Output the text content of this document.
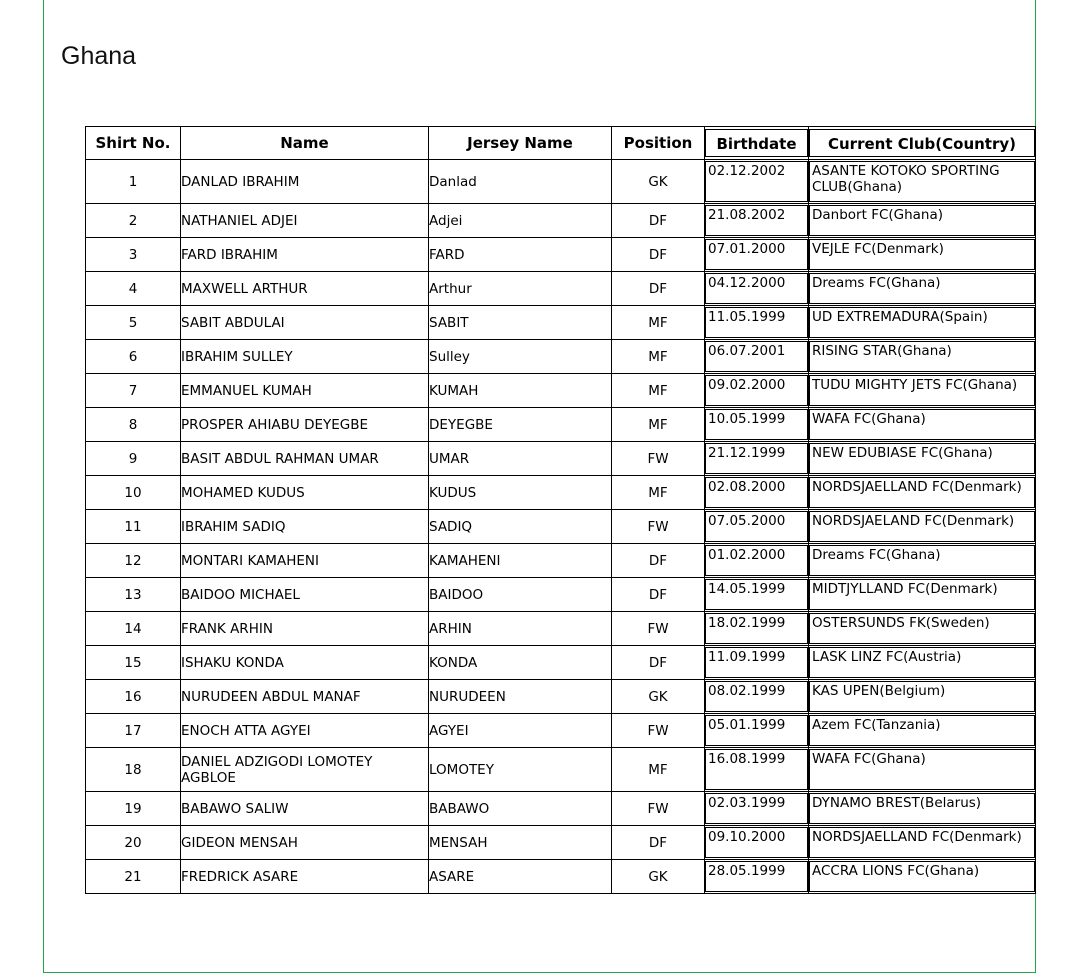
Ghana
Shirt No.	Name	Jersey Name	Position	Birthdate	Current Club(Country)

1	DANLAD IBRAHIM	Danlad	GK	02.12.2002	ASANTE KOTOKO SPORTING CLUB(Ghana)

2	NATHANIEL ADJEI	Adjei	DF	21.08.2002	Danbort FC(Ghana)

3	FARD IBRAHIM	FARD	DF	07.01.2000	VEJLE FC(Denmark)

4	MAXWELL ARTHUR	Arthur	DF	04.12.2000	Dreams FC(Ghana)

5	SABIT ABDULAI	SABIT	MF	11.05.1999	UD EXTREMADURA(Spain)

6	IBRAHIM SULLEY	Sulley	MF	06.07.2001	RISING STAR(Ghana)

7	EMMANUEL KUMAH	KUMAH	MF	09.02.2000	TUDU MIGHTY JETS FC(Ghana)

8	PROSPER AHIABU DEYEGBE	DEYEGBE	MF	10.05.1999	WAFA FC(Ghana)

9	BASIT ABDUL RAHMAN UMAR	UMAR	FW	21.12.1999	NEW EDUBIASE FC(Ghana)

10	MOHAMED KUDUS	KUDUS	MF	02.08.2000	NORDSJAELLAND FC(Denmark)

11	IBRAHIM SADIQ	SADIQ	FW	07.05.2000	NORDSJAELAND FC(Denmark)

12	MONTARI KAMAHENI	KAMAHENI	DF	01.02.2000	Dreams FC(Ghana)

13	BAIDOO MICHAEL	BAIDOO	DF	14.05.1999	MIDTJYLLAND FC(Denmark)

14	FRANK ARHIN	ARHIN	FW	18.02.1999	OSTERSUNDS FK(Sweden)

15	ISHAKU KONDA	KONDA	DF	11.09.1999	LASK LINZ FC(Austria)

16	NURUDEEN ABDUL MANAF	NURUDEEN	GK	08.02.1999	KAS UPEN(Belgium)

17	ENOCH ATTA AGYEI	AGYEI	FW	05.01.1999	Azem FC(Tanzania)

18	DANIEL ADZIGODI LOMOTEY AGBLOE	LOMOTEY	MF	16.08.1999	WAFA FC(Ghana)

19	BABAWO SALIW	BABAWO	FW	02.03.1999	DYNAMO BREST(Belarus)

20	GIDEON MENSAH	MENSAH	DF	09.10.2000	NORDSJAELLAND FC(Denmark)

21	FREDRICK ASARE	ASARE	GK	28.05.1999	ACCRA LIONS FC(Ghana)
